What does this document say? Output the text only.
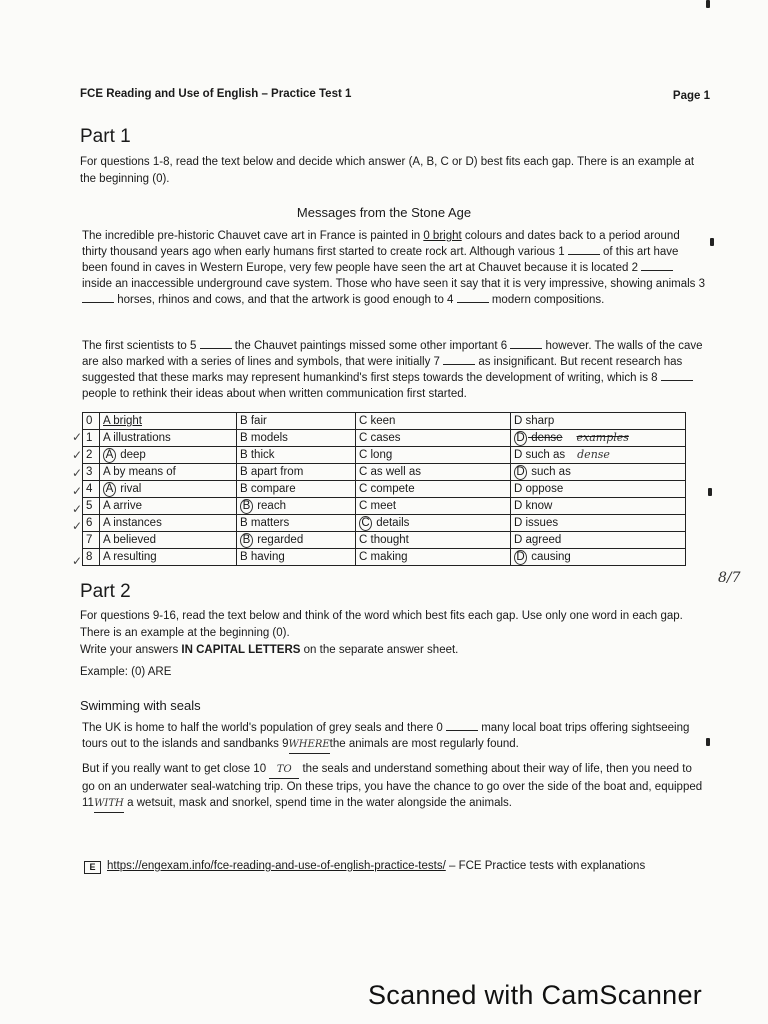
FCE Reading and Use of English – Practice Test 1	Page 1
Part 1
For questions 1-8, read the text below and decide which answer (A, B, C or D) best fits each gap. There is an example at the beginning (0).
Messages from the Stone Age
The incredible pre-historic Chauvet cave art in France is painted in 0 bright colours and dates back to a period around thirty thousand years ago when early humans first started to create rock art. Although various 1	of this art have been found in caves in Western Europe, very few people have seen the art at Chauvet because it is located 2  inside an inaccessible underground cave system. Those who have seen it say that it is very impressive, showing animals 3  horses, rhinos and cows, and that the artwork is good enough to 4	modern compositions.
The first scientists to 5	the Chauvet paintings missed some other important 6	however. The walls of the cave are also marked with a series of lines and symbols, that were initially 7	as insignificant. But recent research has suggested that these marks may represent humankind's first steps towards the development of writing, which is 8  people to rethink their ideas about when written communication first started.
0	A bright	B fair	C keen	D sharp
1	A illustrations	B models	C cases	D dense examples
2	A deep	B thick	C long	D such as dense
3	A by means of	B apart from	C as well as	D such as
4	A rival	B compare	C compete	D oppose
5	A arrive	B reach	C meet	D know
6	A instances	B matters	C details	D issues
7	A believed	B regarded	C thought	D agreed
8	A resulting	B having	C making	D causing
✓
✓
✓
✓
✓
✓
✓
8/7
Part 2
For questions 9-16, read the text below and think of the word which best fits each gap. Use only one word in each gap. There is an example at the beginning (0).
Write your answers IN CAPITAL LETTERS on the separate answer sheet.
Example: (0) ARE
Swimming with seals
The UK is home to half the world's population of grey seals and there 0	many local boat trips offering sightseeing tours out to the islands and sandbanks 9WHEREthe animals are most regularly found.
But if you really want to get close 10 TO the seals and understand something about their way of life, then you need to go on an underwater seal-watching trip. On these trips, you have the chance to go over the side of the boat and, equipped 11WITH a wetsuit, mask and snorkel, spend time in the water alongside the animals.
E https://engexam.info/fce-reading-and-use-of-english-practice-tests/ – FCE Practice tests with explanations
Scanned with CamScanner
